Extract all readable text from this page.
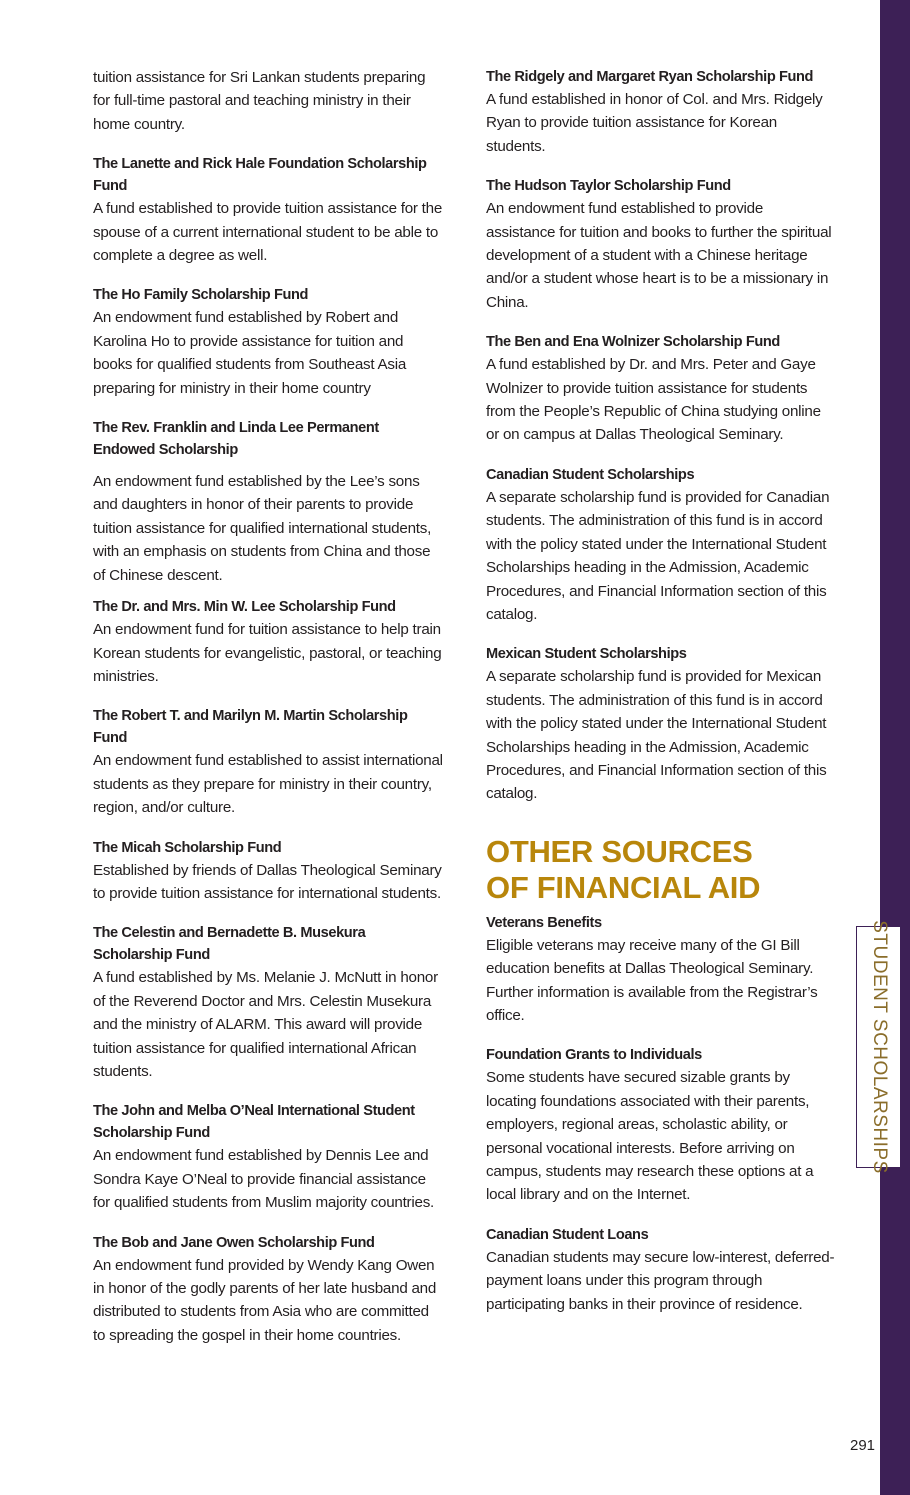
STUDENT SCHOLARSHIPS

tuition assistance for Sri Lankan students preparing for full-time pastoral and teaching ministry in their home country.

The Lanette and Rick Hale Foundation Scholarship Fund

A fund established to provide tuition assistance for the spouse of a current international student to be able to complete a degree as well.

The Ho Family Scholarship Fund

An endowment fund established by Robert and Karolina Ho to provide assistance for tuition and books for qualified students from Southeast Asia preparing for ministry in their home country

The Rev. Franklin and Linda Lee Permanent Endowed Scholarship

An endowment fund established by the Lee’s sons and daughters in honor of their parents to provide tuition assistance for qualified international students, with an emphasis on students from China and those of Chinese descent.

The Dr. and Mrs. Min W. Lee Scholarship Fund

An endowment fund for tuition assistance to help train Korean students for evangelistic, pastoral, or teaching ministries.

The Robert T. and Marilyn M. Martin Scholarship Fund

An endowment fund established to assist international students as they prepare for ministry in their country, region, and/or culture.

The Micah Scholarship Fund

Established by friends of Dallas Theological Seminary to provide tuition assistance for international students.

The Celestin and Bernadette B. Musekura Scholarship Fund

A fund established by Ms. Melanie J. McNutt in honor of the Reverend Doctor and Mrs. Celestin Musekura and the ministry of ALARM. This award will provide tuition assistance for qualified international African students.

The John and Melba O’Neal International Student Scholarship Fund

An endowment fund established by Dennis Lee and Sondra Kaye O’Neal to provide financial assistance for qualified students from Muslim majority countries.

The Bob and Jane Owen Scholarship Fund

An endowment fund provided by Wendy Kang Owen in honor of the godly parents of her late husband and distributed to students from Asia who are committed to spreading the gospel in their home countries.

The Ridgely and Margaret Ryan Scholarship Fund

A fund established in honor of Col. and Mrs. Ridgely Ryan to provide tuition assistance for Korean students.

The Hudson Taylor Scholarship Fund

An endowment fund established to provide assistance for tuition and books to further the spiritual development of a student with a Chinese heritage and/or a student whose heart is to be a missionary in China.

The Ben and Ena Wolnizer Scholarship Fund

A fund established by Dr. and Mrs. Peter and Gaye Wolnizer to provide tuition assistance for students from the People’s Republic of China studying online or on campus at Dallas Theological Seminary.

Canadian Student Scholarships

A separate scholarship fund is provided for Canadian students. The administration of this fund is in accord with the policy stated under the International Student Scholarships heading in the Admission, Academic Procedures, and Financial Information section of this catalog.

Mexican Student Scholarships

A separate scholarship fund is provided for Mexican students. The administration of this fund is in accord with the policy stated under the International Student Scholarships heading in the Admission, Academic Procedures, and Financial Information section of this catalog.

OTHER SOURCES OF FINANCIAL AID
Veterans Benefits

Eligible veterans may receive many of the GI Bill education benefits at Dallas Theological Seminary. Further information is available from the Registrar’s office.

Foundation Grants to Individuals

Some students have secured sizable grants by locating foundations associated with their parents, employers, regional areas, scholastic ability, or personal vocational interests. Before arriving on campus, students may research these options at a local library and on the Internet.

Canadian Student Loans

Canadian students may secure low-interest, deferred-payment loans under this program through participating banks in their province of residence.

291
